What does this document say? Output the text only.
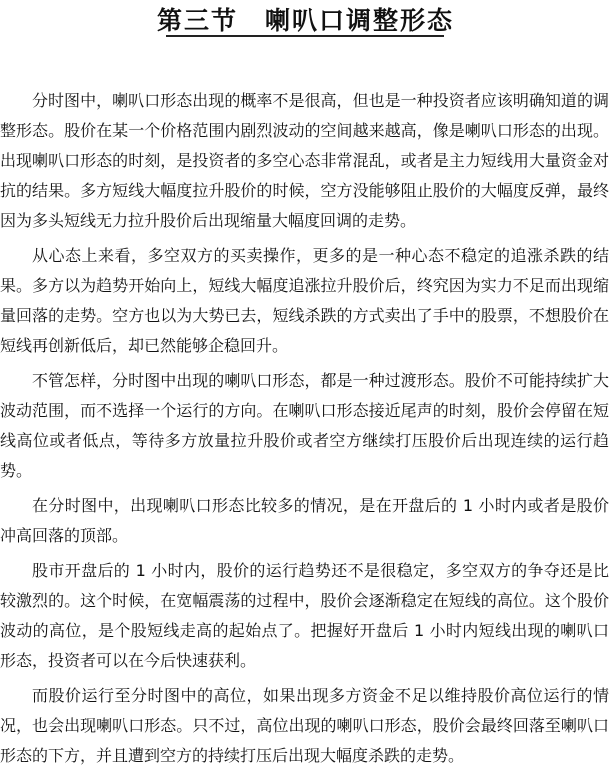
第三节　喇叭口调整形态

分时图中，喇叭口形态出现的概率不是很高，但也是一种投资者应该明确知道的调整形态。股价在某一个价格范围内剧烈波动的空间越来越高，像是喇叭口形态的出现。出现喇叭口形态的时刻，是投资者的多空心态非常混乱，或者是主力短线用大量资金对抗的结果。多方短线大幅度拉升股价的时候，空方没能够阻止股价的大幅度反弹，最终因为多头短线无力拉升股价后出现缩量大幅度回调的走势。

从心态上来看，多空双方的买卖操作，更多的是一种心态不稳定的追涨杀跌的结果。多方以为趋势开始向上，短线大幅度追涨拉升股价后，终究因为实力不足而出现缩量回落的走势。空方也以为大势已去，短线杀跌的方式卖出了手中的股票，不想股价在短线再创新低后，却已然能够企稳回升。

不管怎样，分时图中出现的喇叭口形态，都是一种过渡形态。股价不可能持续扩大波动范围，而不选择一个运行的方向。在喇叭口形态接近尾声的时刻，股价会停留在短线高位或者低点，等待多方放量拉升股价或者空方继续打压股价后出现连续的运行趋势。

在分时图中，出现喇叭口形态比较多的情况，是在开盘后的 1 小时内或者是股价冲高回落的顶部。

股市开盘后的 1 小时内，股价的运行趋势还不是很稳定，多空双方的争夺还是比较激烈的。这个时候，在宽幅震荡的过程中，股价会逐渐稳定在短线的高位。这个股价波动的高位，是个股短线走高的起始点了。把握好开盘后 1 小时内短线出现的喇叭口形态，投资者可以在今后快速获利。

而股价运行至分时图中的高位，如果出现多方资金不足以维持股价高位运行的情况，也会出现喇叭口形态。只不过，高位出现的喇叭口形态，股价会最终回落至喇叭口形态的下方，并且遭到空方的持续打压后出现大幅度杀跌的走势。
